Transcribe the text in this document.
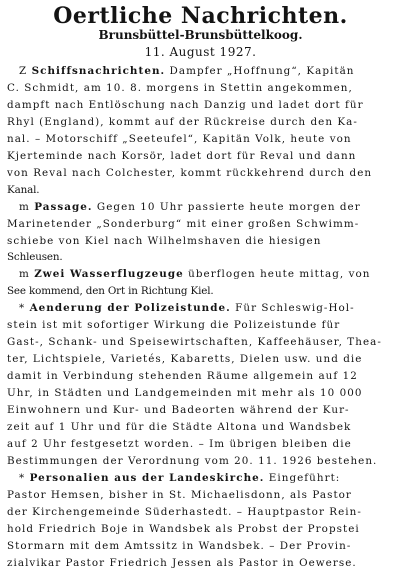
Oertliche Nachrichten.
Brunsbüttel-Brunsbüttelkoog.
11. August 1927.
Z Schiffsnachrichten. Dampfer „Hoffnung“, Kapitän
C. Schmidt, am 10. 8. morgens in Stettin angekommen,
dampft nach Entlöschung nach Danzig und ladet dort für
Rhyl (England), kommt auf der Rückreise durch den Ka-
nal. – Motorschiff „Seeteufel“, Kapitän Volk, heute von
Kjerteminde nach Korsör, ladet dort für Reval und dann
von Reval nach Colchester, kommt rückkehrend durch den
Kanal.
m Passage. Gegen 10 Uhr passierte heute morgen der
Marinetender „Sonderburg“ mit einer großen Schwimm-
schiebe von Kiel nach Wilhelmshaven die hiesigen
Schleusen.
m Zwei Wasserflugzeuge überflogen heute mittag, von
See kommend, den Ort in Richtung Kiel.
* Aenderung der Polizeistunde. Für Schleswig-Hol-
stein ist mit sofortiger Wirkung die Polizeistunde für
Gast-, Schank- und Speisewirtschaften, Kaffeehäuser, Thea-
ter, Lichtspiele, Varietés, Kabaretts, Dielen usw. und die
damit in Verbindung stehenden Räume allgemein auf 12
Uhr, in Städten und Landgemeinden mit mehr als 10 000
Einwohnern und Kur- und Badeorten während der Kur-
zeit auf 1 Uhr und für die Städte Altona und Wandsbek
auf 2 Uhr festgesetzt worden. – Im übrigen bleiben die
Bestimmungen der Verordnung vom 20. 11. 1926 bestehen.
* Personalien aus der Landeskirche. Eingeführt:
Pastor Hemsen, bisher in St. Michaelisdonn, als Pastor
der Kirchengemeinde Süderhastedt. – Hauptpastor Rein-
hold Friedrich Boje in Wandsbek als Probst der Propstei
Stormarn mit dem Amtssitz in Wandsbek. – Der Provin-
zialvikar Pastor Friedrich Jessen als Pastor in Oewerse.
